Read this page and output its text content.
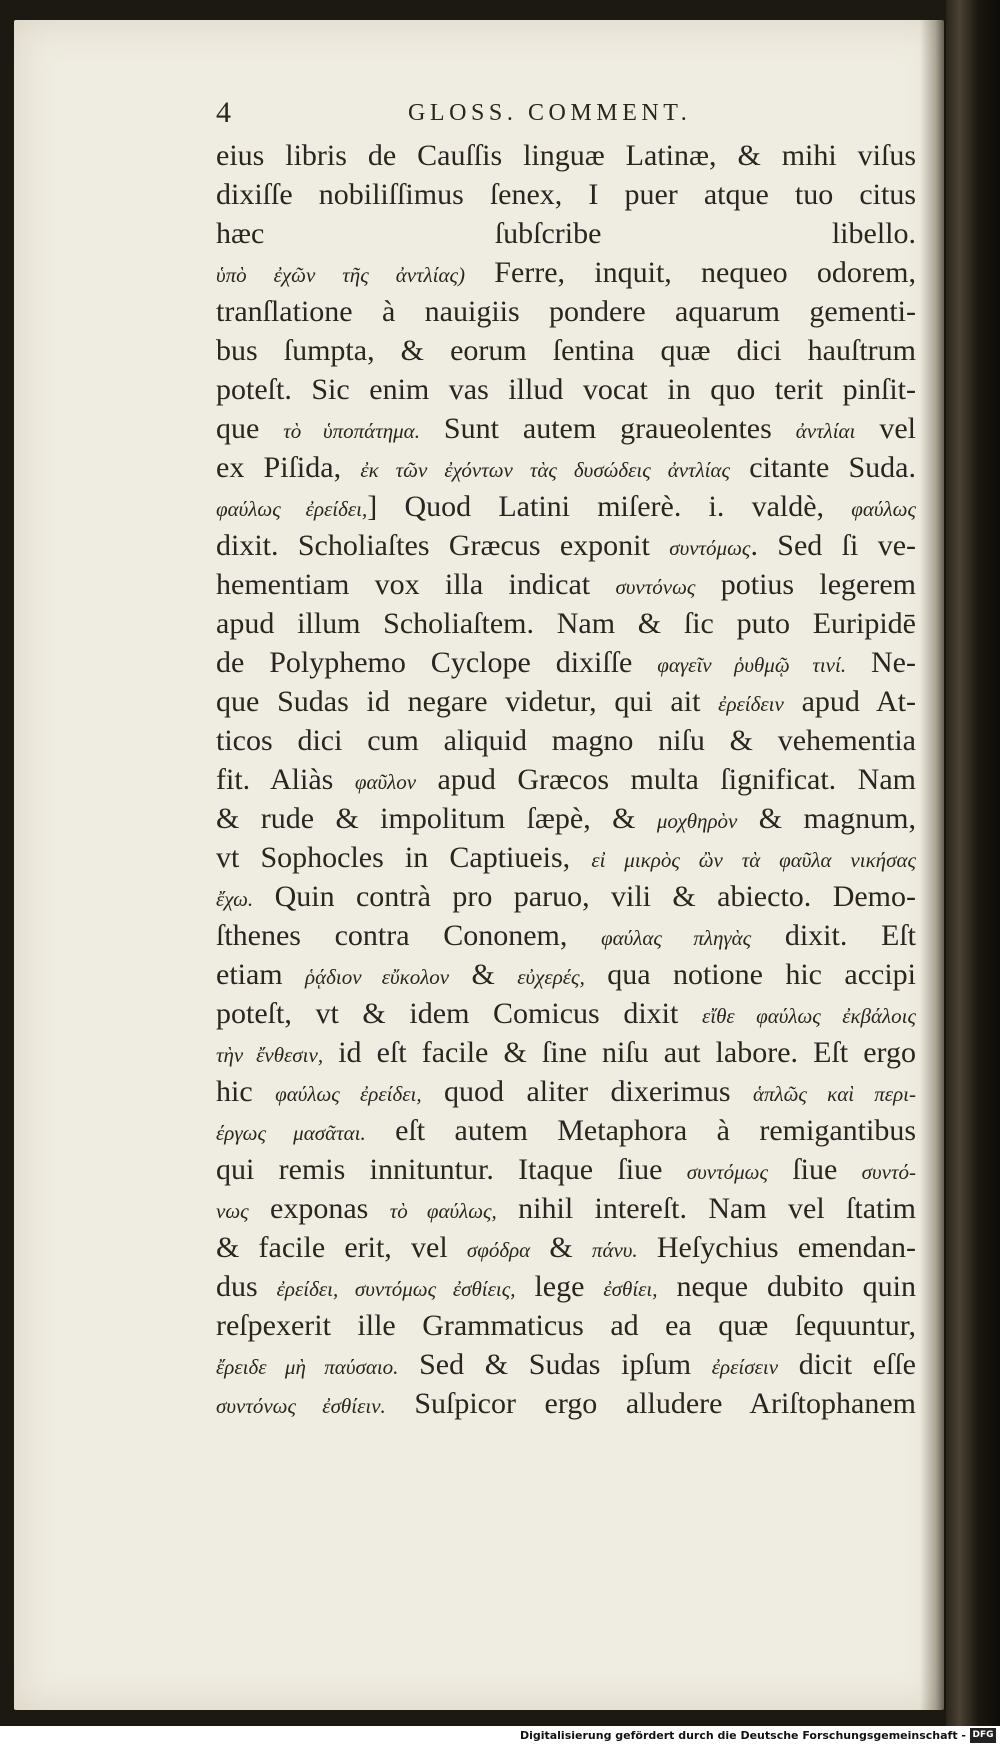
4	GLOSS. COMMENT.
eius libris de Cauſſis linguæ Latinæ, & mihi viſus
dixiſſe nobiliſſimus ſenex, I puer atque tuo citus
hæc ſubſcribe libello.
ὑπὸ ἐχῶν τῆς ἀντλίας) Ferre, inquit, nequeo odorem,
tranſlatione à nauigiis pondere aquarum gementi-
bus ſumpta, & eorum ſentina quæ dici hauſtrum
poteſt. Sic enim vas illud vocat in quo terit pinſit-
que τὸ ὑποπάτημα. Sunt autem graueolentes ἀντλίαι vel
ex Piſida, ἐκ τῶν ἐχόντων τὰς δυσώδεις ἀντλίας citante Suda.
φαύλως ἐρείδει,] Quod Latini miſerè. i. valdè, φαύλως
dixit. Scholiaſtes Græcus exponit συντόμως. Sed ſi ve-
hementiam vox illa indicat συντόνως potius legerem
apud illum Scholiaſtem. Nam & ſic puto Euripidē
de Polyphemo Cyclope dixiſſe φαγεῖν ῥυθμῷ τινί. Ne-
que Sudas id negare videtur, qui ait ἐρείδειν apud At-
ticos dici cum aliquid magno niſu & vehementia
fit. Aliàs φαῦλον apud Græcos multa ſignificat. Nam
& rude & impolitum ſæpè, & μοχθηρὸν & magnum,
vt Sophocles in Captiueis, εἰ μικρὸς ὢν τὰ φαῦλα νικήσας
ἔχω. Quin contrà pro paruo, vili & abiecto. Demo-
ſthenes contra Cononem, φαύλας πληγὰς dixit. Eſt
etiam ῥᾴδιον εὔκολον & εὐχερές, qua notione hic accipi
poteſt, vt & idem Comicus dixit εἴθε φαύλως ἐκβάλοις
τὴν ἔνθεσιν, id eſt facile & ſine niſu aut labore. Eſt ergo
hic φαύλως ἐρείδει, quod aliter dixerimus ἁπλῶς καὶ περι-
έργως μασᾶται. eſt autem Metaphora à remigantibus
qui remis innituntur. Itaque ſiue συντόμως ſiue συντό-
νως exponas τὸ φαύλως, nihil intereſt. Nam vel ſtatim
& facile erit, vel σφόδρα & πάνυ. Heſychius emendan-
dus ἐρείδει, συντόμως ἐσθίεις, lege ἐσθίει, neque dubito quin
reſpexerit ille Grammaticus ad ea quæ ſequuntur,
ἔρειδε μὴ παύσαιο. Sed & Sudas ipſum ἐρείσειν dicit eſſe
συντόνως ἐσθίειν. Suſpicor ergo alludere Ariſtophanem
Digitalisierung gefördert durch die Deutsche Forschungsgemeinschaft - DFG
